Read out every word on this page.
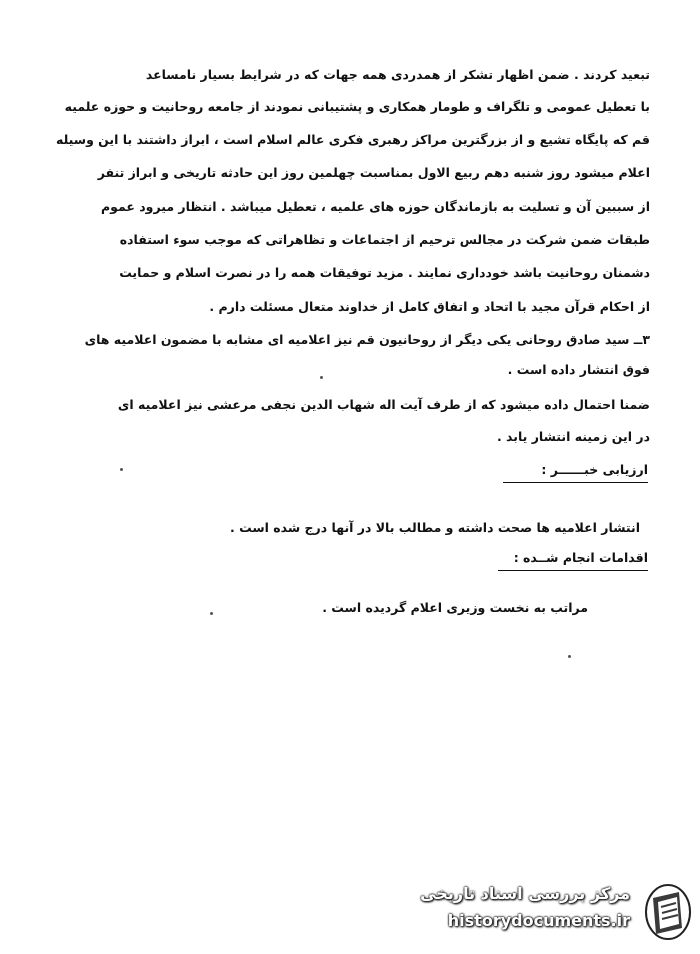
تبعید کردند . ضمن اظهار تشکر از همدردی همه جهات که در شرایط بسیار نامساعد
با تعطیل عمومی و تلگراف و طومار همکاری و پشتیبانی نمودند از جامعه روحانیت و حوزه علمیه
قم که پایگاه تشیع و از بزرگترین مراکز رهبری فکری عالم اسلام است ، ابراز داشتند با این وسیله
اعلام میشود روز شنبه دهم ربیع الاول بمناسبت چهلمین روز این حادثه تاریخی و ابراز تنفر
از سببین آن و تسلیت به بازماندگان حوزه های علمیه ، تعطیل میباشد . انتظار میرود عموم
طبقات ضمن شرکت در مجالس ترحیم از اجتماعات و تظاهراتی که موجب سوء استفاده
دشمنان روحانیت باشد خودداری نمایند . مزید توفیقات همه را در نصرت اسلام و حمایت
از احکام قرآن مجید با اتحاد و اتفاق کامل از خداوند متعال مسئلت دارم .
۳ــ سید صادق روحانی یکی دیگر از روحانیون قم نیز اعلامیه ای مشابه با مضمون اعلامیه های
فوق انتشار داده است .
ضمنا احتمال داده میشود که از طرف آیت اله شهاب الدین نجفی مرعشی نیز اعلامیه ای
در این زمینه انتشار یابد .
ارزیابی خبــــــر :
انتشار اعلامیه ها صحت داشته و مطالب بالا در آنها درج شده است .
اقدامات انجام شــده :
مراتب به نخست وزیری اعلام گردیده است .
مرکز بررسی اسناد تاریخی
historydocuments.ir
